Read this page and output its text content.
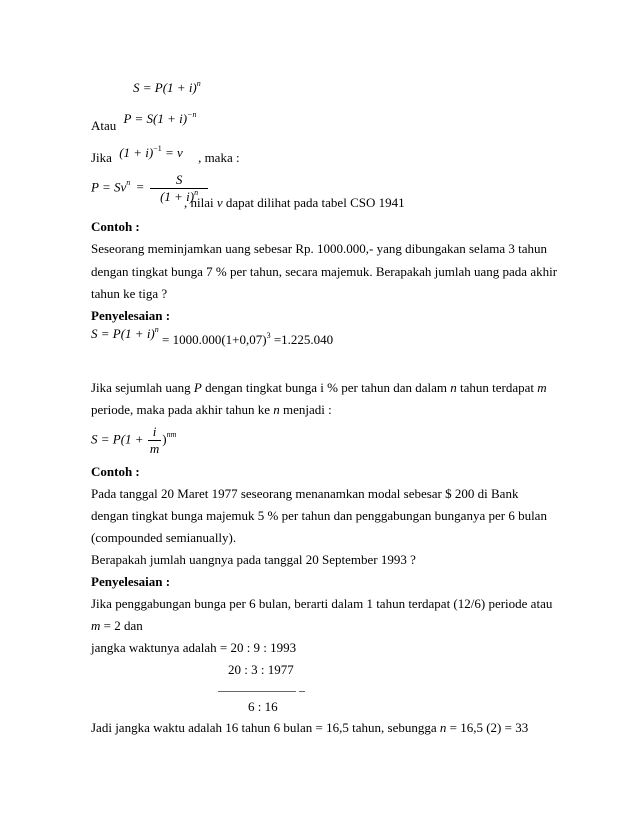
$S = P(1 + i)^n$
Atau $P = S(1 + i)^{-n}$
Jika $(1 + i)^{-1} = v$ , maka :
$P = Sv^n = \frac{S}{(1 + i)^n}$
, nilai v dapat dilihat pada tabel CSO 1941
Contoh :
Seseorang meminjamkan uang sebesar Rp. 1000.000,- yang dibungakan selama 3 tahun
dengan tingkat bunga 7 % per tahun, secara majemuk. Berapakah jumlah uang pada akhir
tahun ke tiga ?
Penyelesaian :
$S = P(1 + i)^n = 1000.000(1+0,07)^3 =1.225.040$
Jika sejumlah uang P dengan tingkat bunga i % per tahun dan dalam n tahun terdapat m
periode, maka pada akhir tahun ke n menjadi :
$S = P(1 + \frac{i}{m} )^{nm}$
Contoh :
Pada tanggal 20 Maret 1977 seseorang menanamkan modal sebesar $ 200 di Bank
dengan tingkat bunga majemuk 5 % per tahun dan penggabungan bunganya per 6 bulan
(compounded semianually).
Berapakah jumlah uangnya pada tanggal 20 September 1993 ?
Penyelesaian :
Jika penggabungan bunga per 6 bulan, berarti dalam 1 tahun terdapat (12/6) periode atau
m = 2 dan
jangka waktunya adalah = 20 : 9 : 1993
20 : 3 : 1977
––––––––––––– –
6 : 16
Jadi jangka waktu adalah 16 tahun 6 bulan = 16,5 tahun, sebungga n = 16,5 (2) = 33
